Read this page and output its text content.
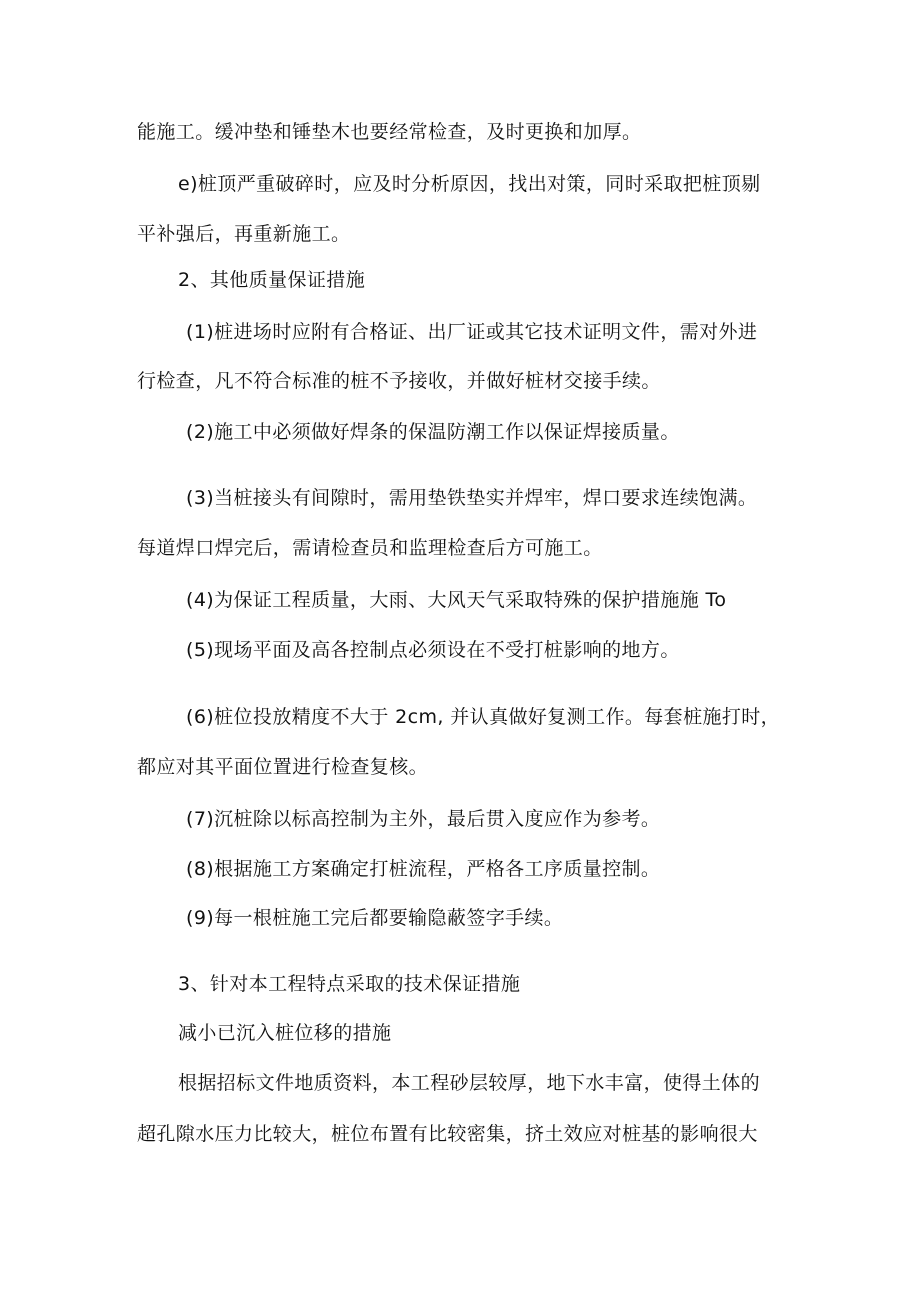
能施工。缓冲垫和锤垫木也要经常检查，及时更换和加厚。
e)桩顶严重破碎时，应及时分析原因，找出对策，同时采取把桩顶剔
平补强后，再重新施工。
2、其他质量保证措施
(1)桩进场时应附有合格证、出厂证或其它技术证明文件，需对外进
行检查，凡不符合标准的桩不予接收，并做好桩材交接手续。
(2)施工中必须做好焊条的保温防潮工作以保证焊接质量。
(3)当桩接头有间隙时，需用垫铁垫实并焊牢，焊口要求连续饱满。
每道焊口焊完后，需请检查员和监理检查后方可施工。
(4)为保证工程质量，大雨、大风天气采取特殊的保护措施施 To
(5)现场平面及高各控制点必须设在不受打桩影响的地方。
(6)桩位投放精度不大于 2cm, 并认真做好复测工作。每套桩施打时，
都应对其平面位置进行检查复核。
(7)沉桩除以标高控制为主外，最后贯入度应作为参考。
(8)根据施工方案确定打桩流程，严格各工序质量控制。
(9)每一根桩施工完后都要输隐蔽签字手续。
3、针对本工程特点采取的技术保证措施
减小已沉入桩位移的措施
根据招标文件地质资料，本工程砂层较厚，地下水丰富，使得土体的
超孔隙水压力比较大，桩位布置有比较密集，挤土效应对桩基的影响很大
